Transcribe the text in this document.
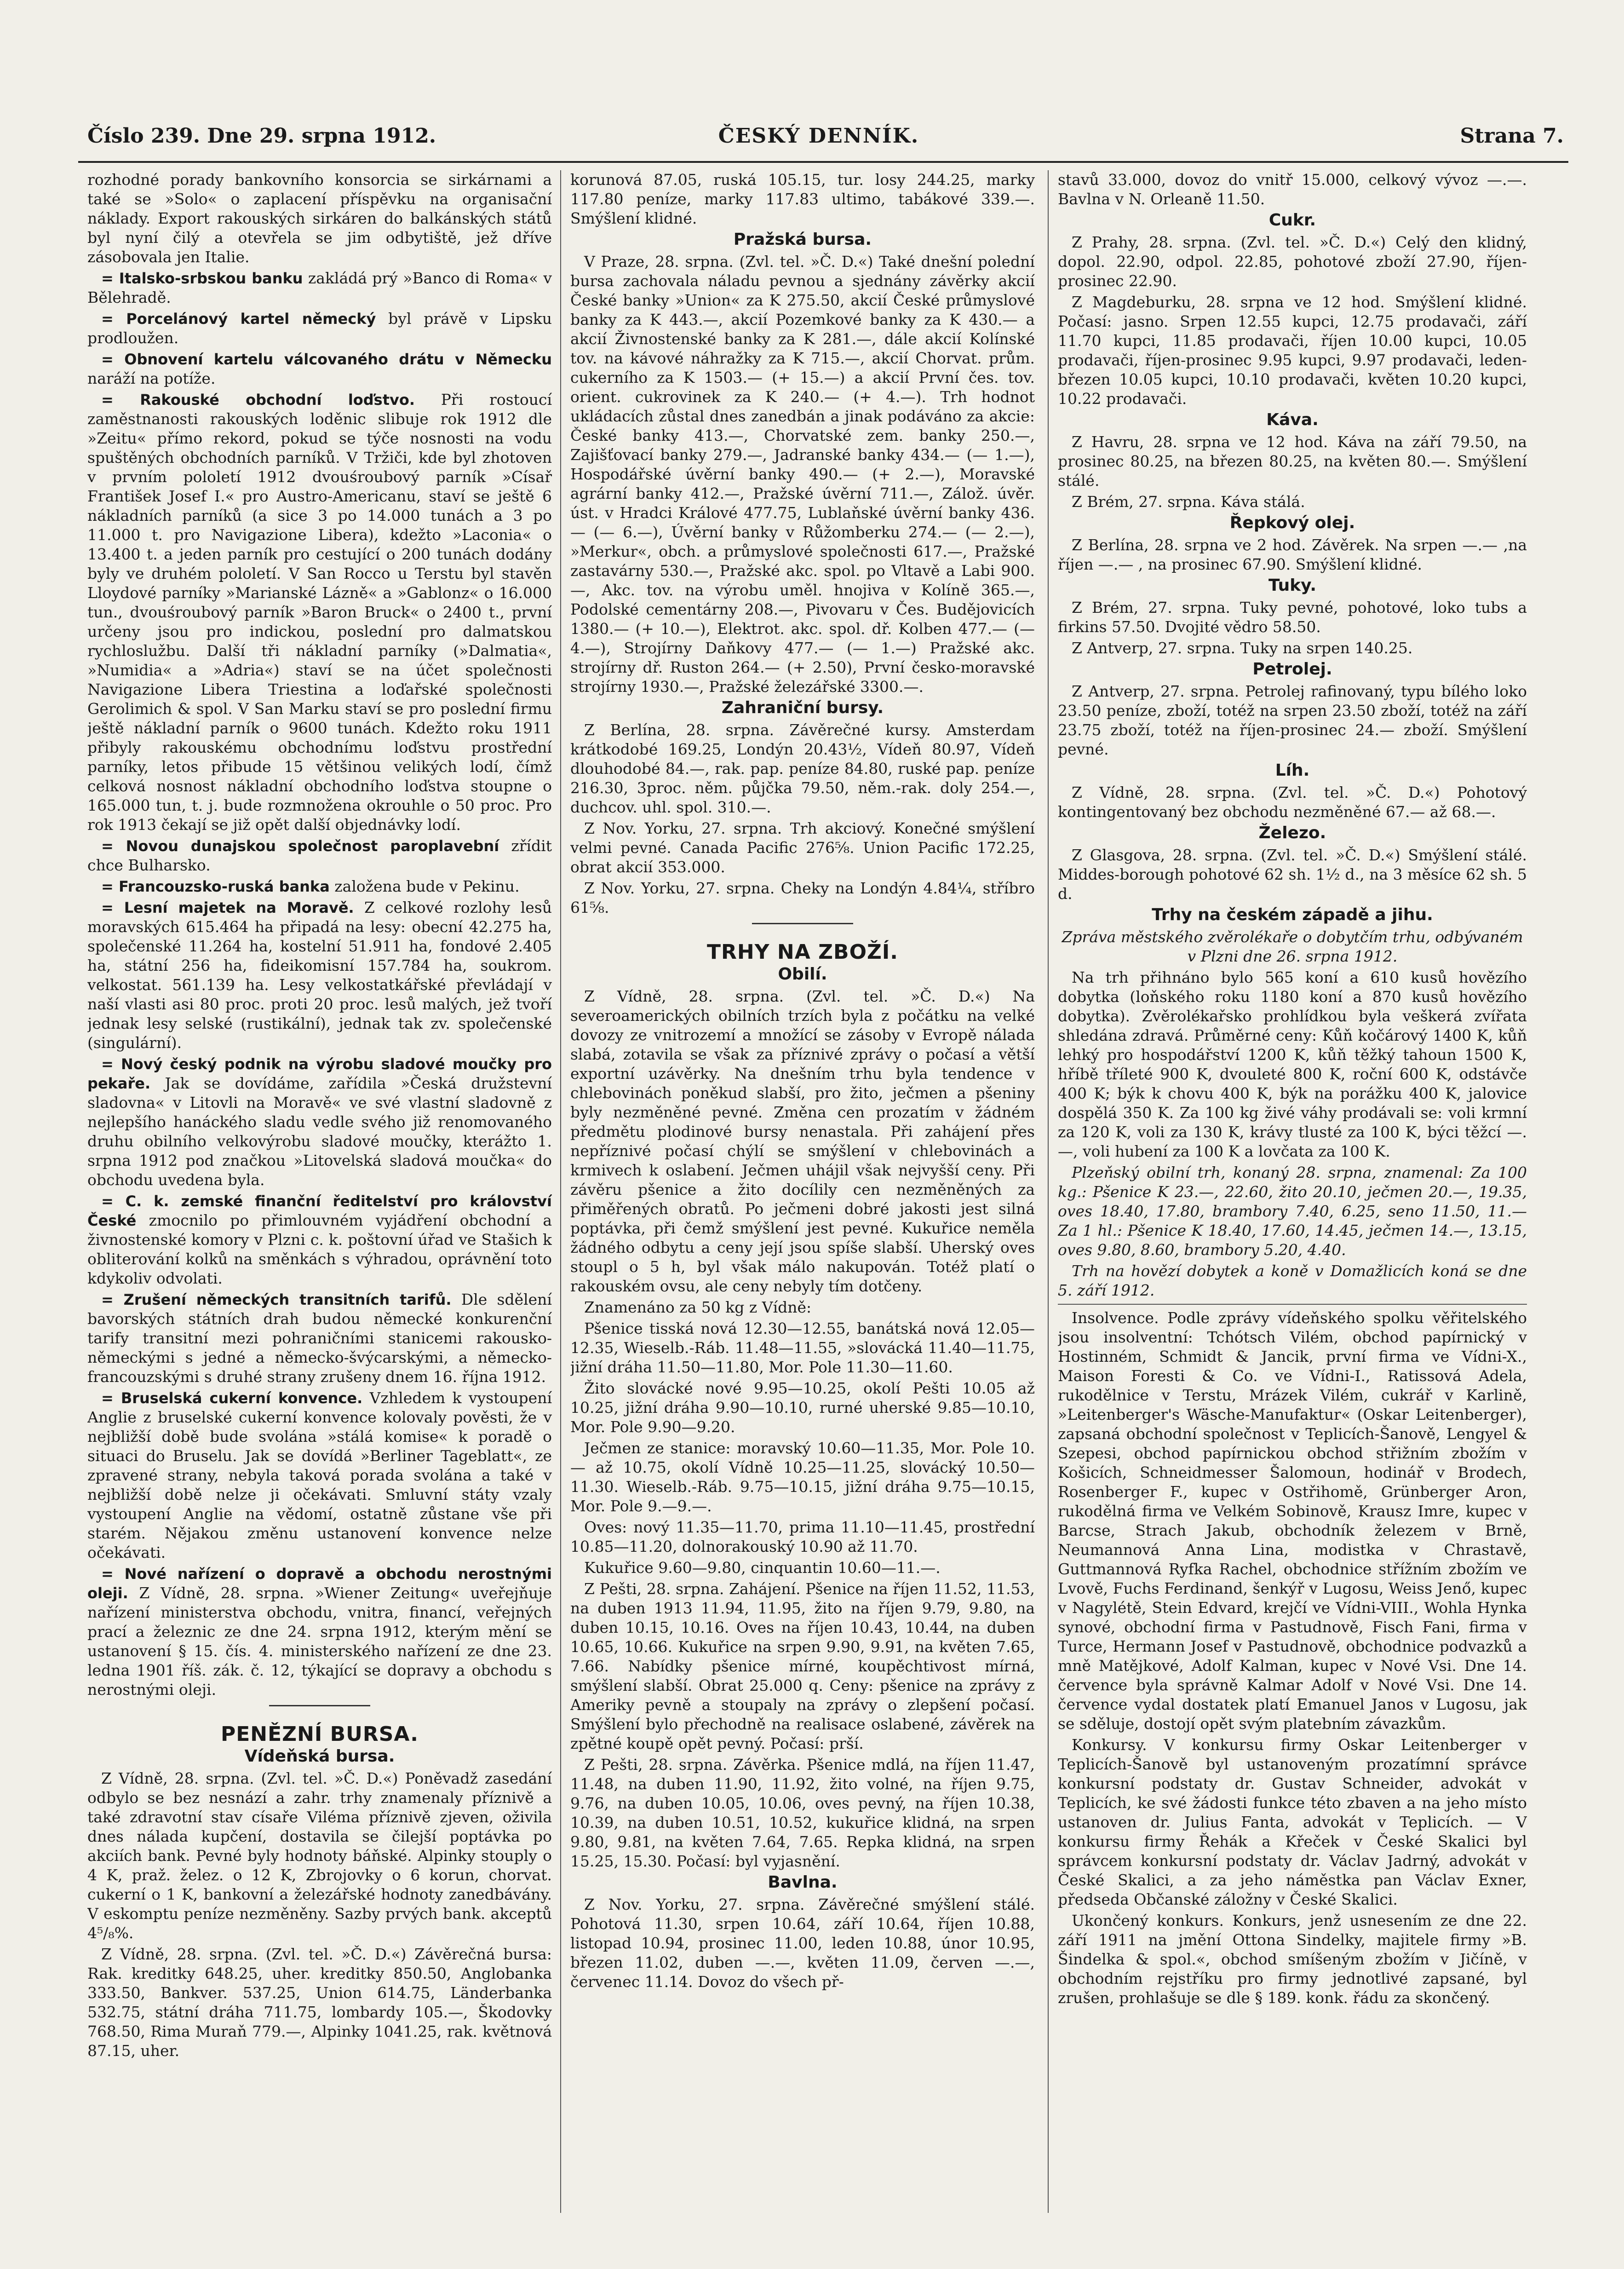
Číslo 239. Dne 29. srpna 1912.	ČESKÝ DENNÍK.	Strana 7.

rozhodné porady bankovního konsorcia se sirkárnami a také se »Solo« o zaplacení příspěvku na organisační náklady. Export rakouských sirkáren do balkánských států byl nyní čilý a otevřela se jim odbytiště, jež dříve zásobovala jen Italie.

= Italsko-srbskou banku zakládá prý »Banco di Roma« v Bělehradě.

= Porcelánový kartel německý byl právě v Lipsku prodloužen.

= Obnovení kartelu válcovaného drátu v Německu naráží na potíže.

= Rakouské obchodní loďstvo. Při rostoucí zaměstnanosti rakouských loděnic slibuje rok 1912 dle »Zeitu« přímo rekord, pokud se týče nosnosti na vodu spuštěných obchodních parníků. V Tržiči, kde byl zhotoven v prvním pololetí 1912 dvouśroubový parník »Císař František Josef I.« pro Austro-Americanu, staví se ještě 6 nákladních parníků (a sice 3 po 14.000 tunách a 3 po 11.000 t. pro Navigazione Libera), kdežto »Laconia« o 13.400 t. a jeden parník pro cestující o 200 tunách dodány byly ve druhém pololetí. V San Rocco u Terstu byl stavěn Lloydové parníky »Marianské Lázně« a »Gablonz« o 16.000 tun., dvouśroubový parník »Baron Bruck« o 2400 t., první určeny jsou pro indickou, poslední pro dalmatskou rychloslužbu. Další tři nákladní parníky (»Dalmatia«, »Numidia« a »Adria«) staví se na účet společnosti Navigazione Libera Triestina a loďařské společnosti Gerolimich & spol. V San Marku staví se pro poslední firmu ještě nákladní parník o 9600 tunách. Kdežto roku 1911 přibyly rakouskému obchodnímu loďstvu prostřední parníky, letos přibude 15 většinou velikých lodí, čímž celková nosnost nákladní obchodního loďstva stoupne o 165.000 tun, t. j. bude rozmnožena okrouhle o 50 proc. Pro rok 1913 čekají se již opět další objednávky lodí.

= Novou dunajskou společnost paroplavební zřídit chce Bulharsko.

= Francouzsko-ruská banka založena bude v Pekinu.

= Lesní majetek na Moravě. Z celkové rozlohy lesů moravských 615.464 ha připadá na lesy: obecní 42.275 ha, společenské 11.264 ha, kostelní 51.911 ha, fondové 2.405 ha, státní 256 ha, fideikomisní 157.784 ha, soukrom. velkostat. 561.139 ha. Lesy velkostatkářské převládají v naší vlasti asi 80 proc. proti 20 proc. lesů malých, jež tvoří jednak lesy selské (rustikální), jednak tak zv. společenské (singulární).

= Nový český podnik na výrobu sladové moučky pro pekaře. Jak se dovídáme, zařídila »Česká družstevní sladovna« v Litovli na Moravě« ve své vlastní sladovně z nejlepšího hanáckého sladu vedle svého již renomovaného druhu obilního velkovýrobu sladové moučky, kterážto 1. srpna 1912 pod značkou »Litovelská sladová moučka« do obchodu uvedena byla.

= C. k. zemské finanční ředitelství pro království České zmocnilo po přimlouvném vyjádření obchodní a živnostenské komory v Plzni c. k. poštovní úřad ve Stašich k obliterování kolků na směnkách s výhradou, oprávnění toto kdykoliv odvolati.

= Zrušení německých transitních tarifů. Dle sdělení bavorských státních drah budou německé konkurenční tarify transitní mezi pohraničními stanicemi rakousko-německými s jedné a německo-švýcarskými, a německo-francouzskými s druhé strany zrušeny dnem 16. října 1912.

= Bruselská cukerní konvence. Vzhledem k vystoupení Anglie z bruselské cukerní konvence kolovaly pověsti, že v nejbližší době bude svolána »stálá komise« k poradě o situaci do Bruselu. Jak se dovídá »Berliner Tageblatt«, ze zpravené strany, nebyla taková porada svolána a také v nejbližší době nelze ji očekávati. Smluvní státy vzaly vystoupení Anglie na vědomí, ostatně zůstane vše při starém. Nějakou změnu ustanovení konvence nelze očekávati.

= Nové nařízení o dopravě a obchodu nerostnými oleji. Z Vídně, 28. srpna. »Wiener Zeitung« uveřejňuje nařízení ministerstva obchodu, vnitra, financí, veřejných prací a železnic ze dne 24. srpna 1912, kterým mění se ustanovení § 15. čís. 4. ministerského nařízení ze dne 23. ledna 1901 říš. zák. č. 12, týkající se dopravy a obchodu s nerostnými oleji.

PENĚZNÍ BURSA.
Vídeňská bursa.

Z Vídně, 28. srpna. (Zvl. tel. »Č. D.«) Poněvadž zasedání odbylo se bez nesnází a zahr. trhy znamenaly příznivě a také zdravotní stav císaře Viléma příznivě zjeven, oživila dnes nálada kupčení, dostavila se čilejší poptávka po akciích bank. Pevné byly hodnoty báňské. Alpinky stouply o 4 K, praž. želez. o 12 K, Zbrojovky o 6 korun, chorvat. cukerní o 1 K, bankovní a železářské hodnoty zanedbávány. V eskomptu peníze nezměněny. Sazby prvých bank. akceptů 4⁵/₈%.

Z Vídně, 28. srpna. (Zvl. tel. »Č. D.«) Závěrečná bursa: Rak. kreditky 648.25, uher. kreditky 850.50, Anglobanka 333.50, Bankver. 537.25, Union 614.75, Länderbanka 532.75, státní dráha 711.75, lombardy 105.—, Škodovky 768.50, Rima Muraň 779.—, Alpinky 1041.25, rak. květnová 87.15, uher.

korunová 87.05, ruská 105.15, tur. losy 244.25, marky 117.80 peníze, marky 117.83 ultimo, tabákové 339.—. Smýšlení klidné.

Pražská bursa.

V Praze, 28. srpna. (Zvl. tel. »Č. D.«) Také dnešní polední bursa zachovala náladu pevnou a sjednány závěrky akcií České banky »Union« za K 275.50, akcií České průmyslové banky za K 443.—, akcií Pozemkové banky za K 430.— a akcií Živnostenské banky za K 281.—, dále akcií Kolínské tov. na kávové náhražky za K 715.—, akcií Chorvat. prům. cukerního za K 1503.— (+ 15.—) a akcií První čes. tov. orient. cukrovinek za K 240.— (+ 4.—). Trh hodnot ukládacích zůstal dnes zanedbán a jinak podáváno za akcie: České banky 413.—, Chorvatské zem. banky 250.—, Zajišťovací banky 279.—, Jadranské banky 434.— (— 1.—), Hospodářské úvěrní banky 490.— (+ 2.—), Moravské agrární banky 412.—, Pražské úvěrní 711.—, Zálož. úvěr. úst. v Hradci Králové 477.75, Lublaňské úvěrní banky 436.— (— 6.—), Úvěrní banky v Růžomberku 274.— (— 2.—), »Merkur«, obch. a průmyslové společnosti 617.—, Pražské zastavárny 530.—, Pražské akc. spol. po Vltavě a Labi 900.—, Akc. tov. na výrobu uměl. hnojiva v Kolíně 365.—, Podolské cementárny 208.—, Pivovaru v Čes. Budějovicích 1380.— (+ 10.—), Elektrot. akc. spol. dř. Kolben 477.— (— 4.—), Strojírny Daňkovy 477.— (— 1.—) Pražské akc. strojírny dř. Ruston 264.— (+ 2.50), První česko-moravské strojírny 1930.—, Pražské železářské 3300.—.

Zahraniční bursy.

Z Berlína, 28. srpna. Závěrečné kursy. Amsterdam krátkodobé 169.25, Londýn 20.43½, Vídeň 80.97, Vídeň dlouhodobé 84.—, rak. pap. peníze 84.80, ruské pap. peníze 216.30, 3proc. něm. půjčka 79.50, něm.-rak. doly 254.—, duchcov. uhl. spol. 310.—.

Z Nov. Yorku, 27. srpna. Trh akciový. Konečné smýšlení velmi pevné. Canada Pacific 276⅝. Union Pacific 172.25, obrat akcií 353.000.

Z Nov. Yorku, 27. srpna. Cheky na Londýn 4.84¼, stříbro 61⅝.

TRHY NA ZBOŽÍ.
Obilí.

Z Vídně, 28. srpna. (Zvl. tel. »Č. D.«) Na severoamerických obilních trzích byla z počátku na velké dovozy ze vnitrozemí a množící se zásoby v Evropě nálada slabá, zotavila se však za příznivé zprávy o počasí a větší exportní uzávěrky. Na dnešním trhu byla tendence v chlebovinách poněkud slabší, pro žito, ječmen a pšeniny byly nezměněné pevné. Změna cen prozatím v žádném předmětu plodinové bursy nenastala. Při zahájení přes nepříznivé počasí chýlí se smýšlení v chlebovinách a krmivech k oslabení. Ječmen uhájil však nejvyšší ceny. Při závěru pšenice a žito docílily cen nezměněných za přiměřených obratů. Po ječmeni dobré jakosti jest silná poptávka, při čemž smýšlení jest pevné. Kukuřice neměla žádného odbytu a ceny její jsou spíše slabší. Uherský oves stoupl o 5 h, byl však málo nakupován. Totéž platí o rakouském ovsu, ale ceny nebyly tím dotčeny.

Znamenáno za 50 kg z Vídně:

Pšenice tisská nová 12.30—12.55, banátská nová 12.05—12.35, Wieselb.-Ráb. 11.48—11.55, »slovácká 11.40—11.75, jižní dráha 11.50—11.80, Mor. Pole 11.30—11.60.

Žito slovácké nové 9.95—10.25, okolí Pešti 10.05 až 10.25, jižní dráha 9.90—10.10, rurné uherské 9.85—10.10, Mor. Pole 9.90—9.20.

Ječmen ze stanice: moravský 10.60—11.35, Mor. Pole 10.— až 10.75, okolí Vídně 10.25—11.25, slovácký 10.50—11.30. Wieselb.-Ráb. 9.75—10.15, jižní dráha 9.75—10.15, Mor. Pole 9.—9.—.

Oves: nový 11.35—11.70, prima 11.10—11.45, prostřední 10.85—11.20, dolnorakouský 10.90 až 11.70.

Kukuřice 9.60—9.80, cinquantin 10.60—11.—.

Z Pešti, 28. srpna. Zahájení. Pšenice na říjen 11.52, 11.53, na duben 1913 11.94, 11.95, žito na říjen 9.79, 9.80, na duben 10.15, 10.16. Oves na říjen 10.43, 10.44, na duben 10.65, 10.66. Kukuřice na srpen 9.90, 9.91, na květen 7.65, 7.66. Nabídky pšenice mírné, koupěchtivost mírná, smýšlení slabší. Obrat 25.000 q. Ceny: pšenice na zprávy z Ameriky pevně a stoupaly na zprávy o zlepšení počasí. Smýšlení bylo přechodně na realisace oslabené, závěrek na zpětné koupě opět pevný. Počasí: prší.

Z Pešti, 28. srpna. Závěrka. Pšenice mdlá, na říjen 11.47, 11.48, na duben 11.90, 11.92, žito volné, na říjen 9.75, 9.76, na duben 10.05, 10.06, oves pevný, na říjen 10.38, 10.39, na duben 10.51, 10.52, kukuřice klidná, na srpen 9.80, 9.81, na květen 7.64, 7.65. Repka klidná, na srpen 15.25, 15.30. Počasí: byl vyjasnění.

Bavlna.

Z Nov. Yorku, 27. srpna. Závěrečné smýšlení stálé. Pohotová 11.30, srpen 10.64, září 10.64, říjen 10.88, listopad 10.94, prosinec 11.00, leden 10.88, únor 10.95, březen 11.02, duben —.—, květen 11.09, červen —.—, červenec 11.14. Dovoz do všech př-

stavů 33.000, dovoz do vnitř 15.000, celkový vývoz —.—. Bavlna v N. Orleaně 11.50.

Cukr.

Z Prahy, 28. srpna. (Zvl. tel. »Č. D.«) Celý den klidný, dopol. 22.90, odpol. 22.85, pohotové zboží 27.90, říjen-prosinec 22.90.

Z Magdeburku, 28. srpna ve 12 hod. Smýšlení klidné. Počasí: jasno. Srpen 12.55 kupci, 12.75 prodavači, září 11.70 kupci, 11.85 prodavači, říjen 10.00 kupci, 10.05 prodavači, říjen-prosinec 9.95 kupci, 9.97 prodavači, leden-březen 10.05 kupci, 10.10 prodavači, květen 10.20 kupci, 10.22 prodavači.

Káva.

Z Havru, 28. srpna ve 12 hod. Káva na září 79.50, na prosinec 80.25, na březen 80.25, na květen 80.—. Smýšlení stálé.

Z Brém, 27. srpna. Káva stálá.

Řepkový olej.

Z Berlína, 28. srpna ve 2 hod. Závěrek. Na srpen —.— ,na říjen —.— , na prosinec 67.90. Smýšlení klidné.

Tuky.

Z Brém, 27. srpna. Tuky pevné, pohotové, loko tubs a firkins 57.50. Dvojité vědro 58.50.

Z Antverp, 27. srpna. Tuky na srpen 140.25.

Petrolej.

Z Antverp, 27. srpna. Petrolej rafinovaný, typu bílého loko 23.50 peníze, zboží, totéž na srpen 23.50 zboží, totéž na září 23.75 zboží, totéž na říjen-prosinec 24.— zboží. Smýšlení pevné.

Líh.

Z Vídně, 28. srpna. (Zvl. tel. »Č. D.«) Pohotový kontingentovaný bez obchodu nezměněné 67.— až 68.—.

Železo.

Z Glasgova, 28. srpna. (Zvl. tel. »Č. D.«) Smýšlení stálé. Middes-borough pohotové 62 sh. 1½ d., na 3 měsíce 62 sh. 5 d.

Trhy na českém západě a jihu.

Zpráva městského zvěrolékaře o dobytčím trhu, odbývaném v Plzni dne 26. srpna 1912.

Na trh přihnáno bylo 565 koní a 610 kusů hovězího dobytka (loňského roku 1180 koní a 870 kusů hovězího dobytka). Zvěrolékařsko prohlídkou byla veškerá zvířata shledána zdravá. Průměrné ceny: Kůň kočárový 1400 K, kůň lehký pro hospodářství 1200 K, kůň těžký tahoun 1500 K, hříbě tříleté 900 K, dvouleté 800 K, roční 600 K, odstávče 400 K; býk k chovu 400 K, býk na porážku 400 K, jalovice dospělá 350 K. Za 100 kg živé váhy prodávali se: voli krmní za 120 K, voli za 130 K, krávy tlusté za 100 K, býci těžcí —.—, voli hubení za 100 K a lovčata za 100 K.

Plzeňský obilní trh, konaný 28. srpna, znamenal: Za 100 kg.: Pšenice K 23.—, 22.60, žito 20.10, ječmen 20.—, 19.35, oves 18.40, 17.80, brambory 7.40, 6.25, seno 11.50, 11.— Za 1 hl.: Pšenice K 18.40, 17.60, 14.45, ječmen 14.—, 13.15, oves 9.80, 8.60, brambory 5.20, 4.40.

Trh na hovězí dobytek a koně v Domažlicích koná se dne 5. září 1912.

Insolvence. Podle zprávy vídeňského spolku věřitelského jsou insolventní: Tchótsch Vilém, obchod papírnický v Hostinném, Schmidt & Jancik, první firma ve Vídni-X., Maison Foresti & Co. ve Vídni-I., Ratissová Adela, rukodělnice v Terstu, Mrázek Vilém, cukrář v Karlině, »Leitenberger's Wäsche-Manufaktur« (Oskar Leitenberger), zapsaná obchodní společnost v Teplicích-Šanově, Lengyel & Szepesi, obchod papírnickou obchod střižním zbožím v Košicích, Schneidmesser Šalomoun, hodinář v Brodech, Rosenberger F., kupec v Ostřihomě, Grünberger Aron, rukodělná firma ve Velkém Sobinově, Krausz Imre, kupec v Barcse, Strach Jakub, obchodník železem v Brně, Neumannová Anna Lina, modistka v Chrastavě, Guttmannová Ryfka Rachel, obchodnice střížním zbožím ve Lvově, Fuchs Ferdinand, šenkýř v Lugosu, Weiss Jenő, kupec v Nagylétě, Stein Edvard, krejčí ve Vídni-VIII., Wohla Hynka synové, obchodní firma v Pastudnově, Fisch Fani, firma v Turce, Hermann Josef v Pastudnově, obchodnice podvazků a mně Matějkové, Adolf Kalman, kupec v Nové Vsi. Dne 14. července byla správně Kalmar Adolf v Nové Vsi. Dne 14. července vydal dostatek platí Emanuel Janos v Lugosu, jak se sděluje, dostojí opět svým platebním závazkům.

Konkursy. V konkursu firmy Oskar Leitenberger v Teplicích-Šanově byl ustanoveným prozatímní správce konkursní podstaty dr. Gustav Schneider, advokát v Teplicích, ke své žádosti funkce této zbaven a na jeho místo ustanoven dr. Julius Fanta, advokát v Teplicích. — V konkursu firmy Řehák a Křeček v České Skalici byl správcem konkursní podstaty dr. Václav Jadrný, advokát v České Skalici, a za jeho náměstka pan Václav Exner, předseda Občanské záložny v České Skalici.

Ukončený konkurs. Konkurs, jenž usnesením ze dne 22. září 1911 na jmění Ottona Sindelky, majitele firmy »B. Šindelka & spol.«, obchod smíšeným zbožím v Jičíně, v obchodním rejstříku pro firmy jednotlivé zapsané, byl zrušen, prohlašuje se dle § 189. konk. řádu za skončený.
